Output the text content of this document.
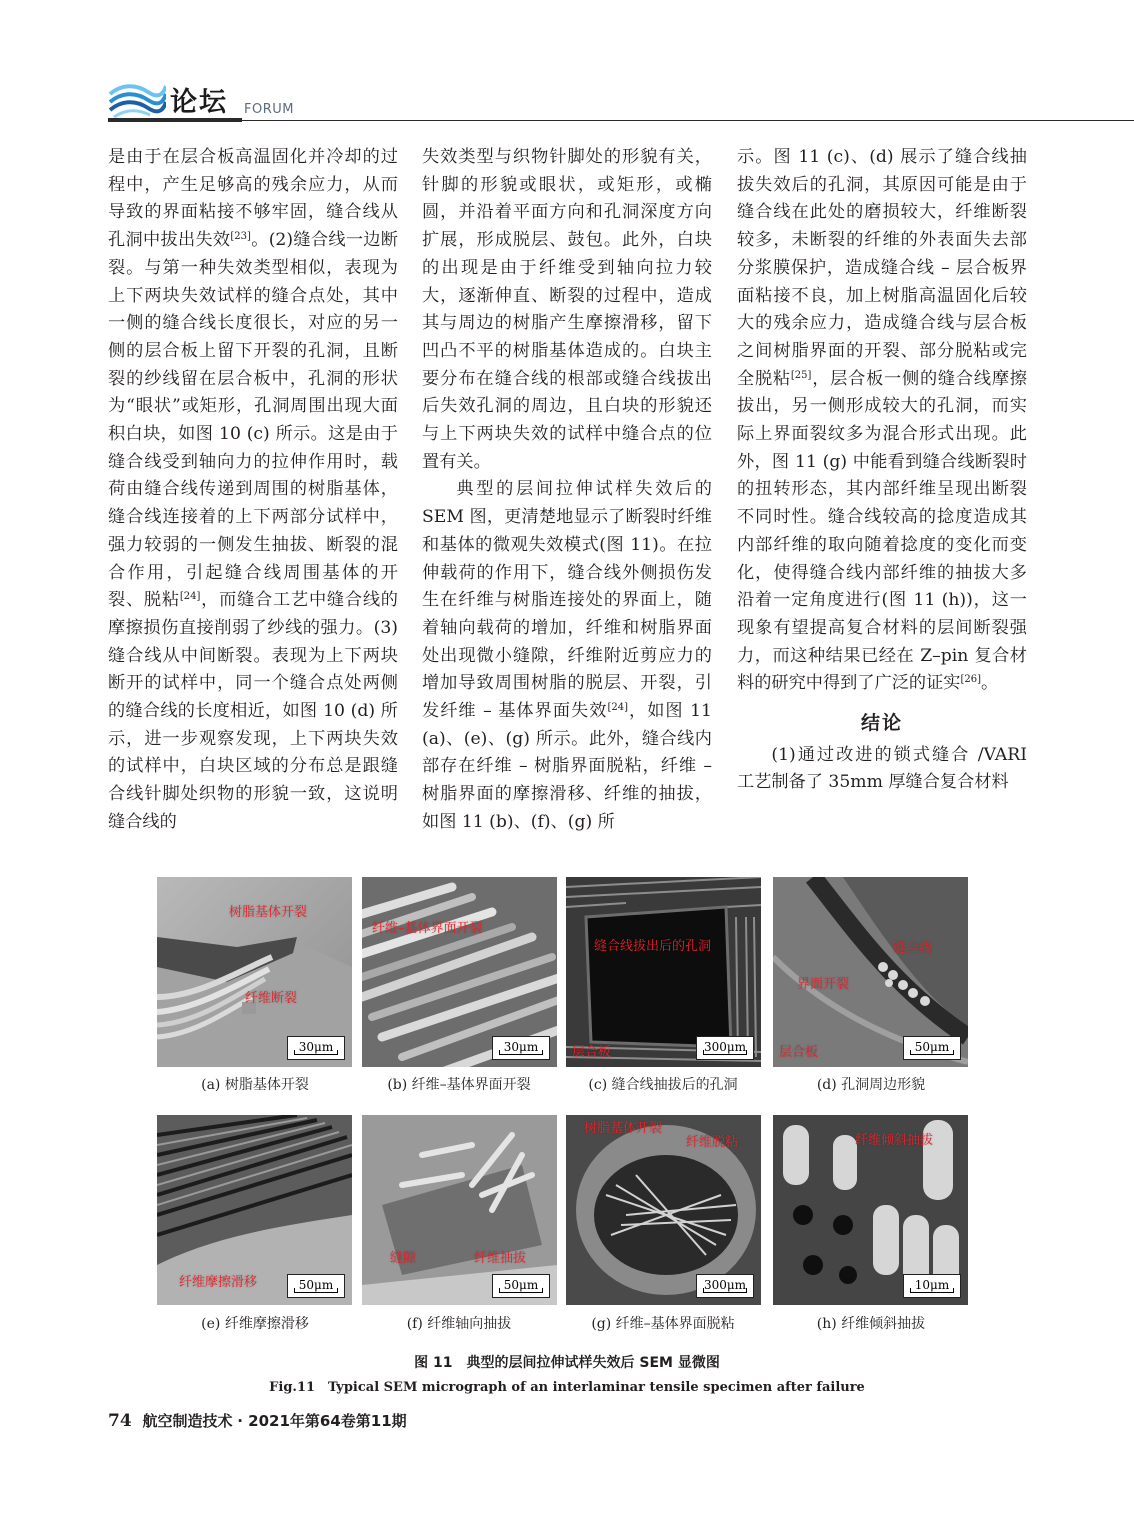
论坛 FORUM

是由于在层合板高温固化并冷却的过程中，产生足够高的残余应力，从而导致的界面粘接不够牢固，缝合线从孔洞中拔出失效[23]。(2)缝合线一边断裂。与第一种失效类型相似，表现为上下两块失效试样的缝合点处，其中一侧的缝合线长度很长，对应的另一侧的层合板上留下开裂的孔洞，且断裂的纱线留在层合板中，孔洞的形状为“眼状”或矩形，孔洞周围出现大面积白块，如图 10 (c) 所示。这是由于缝合线受到轴向力的拉伸作用时，载荷由缝合线传递到周围的树脂基体，缝合线连接着的上下两部分试样中，强力较弱的一侧发生抽拔、断裂的混合作用，引起缝合线周围基体的开裂、脱粘[24]，而缝合工艺中缝合线的摩擦损伤直接削弱了纱线的强力。(3)缝合线从中间断裂。表现为上下两块断开的试样中，同一个缝合点处两侧的缝合线的长度相近，如图 10 (d) 所示，进一步观察发现，上下两块失效的试样中，白块区域的分布总是跟缝合线针脚处织物的形貌一致，这说明缝合线的

失效类型与织物针脚处的形貌有关，针脚的形貌或眼状，或矩形，或椭圆，并沿着平面方向和孔洞深度方向扩展，形成脱层、鼓包。此外，白块的出现是由于纤维受到轴向拉力较大，逐渐伸直、断裂的过程中，造成其与周边的树脂产生摩擦滑移，留下凹凸不平的树脂基体造成的。白块主要分布在缝合线的根部或缝合线拔出后失效孔洞的周边，且白块的形貌还与上下两块失效的试样中缝合点的位置有关。

典型的层间拉伸试样失效后的 SEM 图，更清楚地显示了断裂时纤维和基体的微观失效模式(图 11)。在拉伸载荷的作用下，缝合线外侧损伤发生在纤维与树脂连接处的界面上，随着轴向载荷的增加，纤维和树脂界面处出现微小缝隙，纤维附近剪应力的增加导致周围树脂的脱层、开裂，引发纤维 – 基体界面失效[24]，如图 11 (a)、(e)、(g) 所示。此外，缝合线内部存在纤维 – 树脂界面脱粘，纤维 – 树脂界面的摩擦滑移、纤维的抽拔，如图 11 (b)、(f)、(g) 所

示。图 11 (c)、(d) 展示了缝合线抽拔失效后的孔洞，其原因可能是由于缝合线在此处的磨损较大，纤维断裂较多，未断裂的纤维的外表面失去部分浆膜保护，造成缝合线 – 层合板界面粘接不良，加上树脂高温固化后较大的残余应力，造成缝合线与层合板之间树脂界面的开裂、部分脱粘或完全脱粘[25]，层合板一侧的缝合线摩擦拔出，另一侧形成较大的孔洞，而实际上界面裂纹多为混合形式出现。此外，图 11 (g) 中能看到缝合线断裂时的扭转形态，其内部纤维呈现出断裂不同时性。缝合线较高的捻度造成其内部纤维的取向随着捻度的变化而变化，使得缝合线内部纤维的抽拔大多沿着一定角度进行(图 11 (h))，这一现象有望提高复合材料的层间断裂强力，而这种结果已经在 Z–pin 复合材料的研究中得到了广泛的证实[26]。

结论

(1)通过改进的锁式缝合 /VARI 工艺制备了 35mm 厚缝合复合材料

树脂基体开裂
纤维断裂
30μm
纤维–基体界面开裂
30μm
缝合线拔出后的孔洞
层合板	300μm
缝合线
界面开裂
层合板	50μm
(a) 树脂基体开裂	(b) 纤维–基体界面开裂	(c) 缝合线抽拔后的孔洞	(d) 孔洞周边形貌
纤维摩擦滑移	50μm
缝隙	纤维抽拔
50μm
树脂基体开裂
纤维脱粘
300μm
纤维倾斜抽拔
10μm
(e) 纤维摩擦滑移	(f) 纤维轴向抽拔	(g) 纤维–基体界面脱粘	(h) 纤维倾斜抽拔
图 11　典型的层间拉伸试样失效后 SEM 显微图
Fig.11　Typical SEM micrograph of an interlaminar tensile specimen after failure
74 航空制造技术 · 2021年第64卷第11期
